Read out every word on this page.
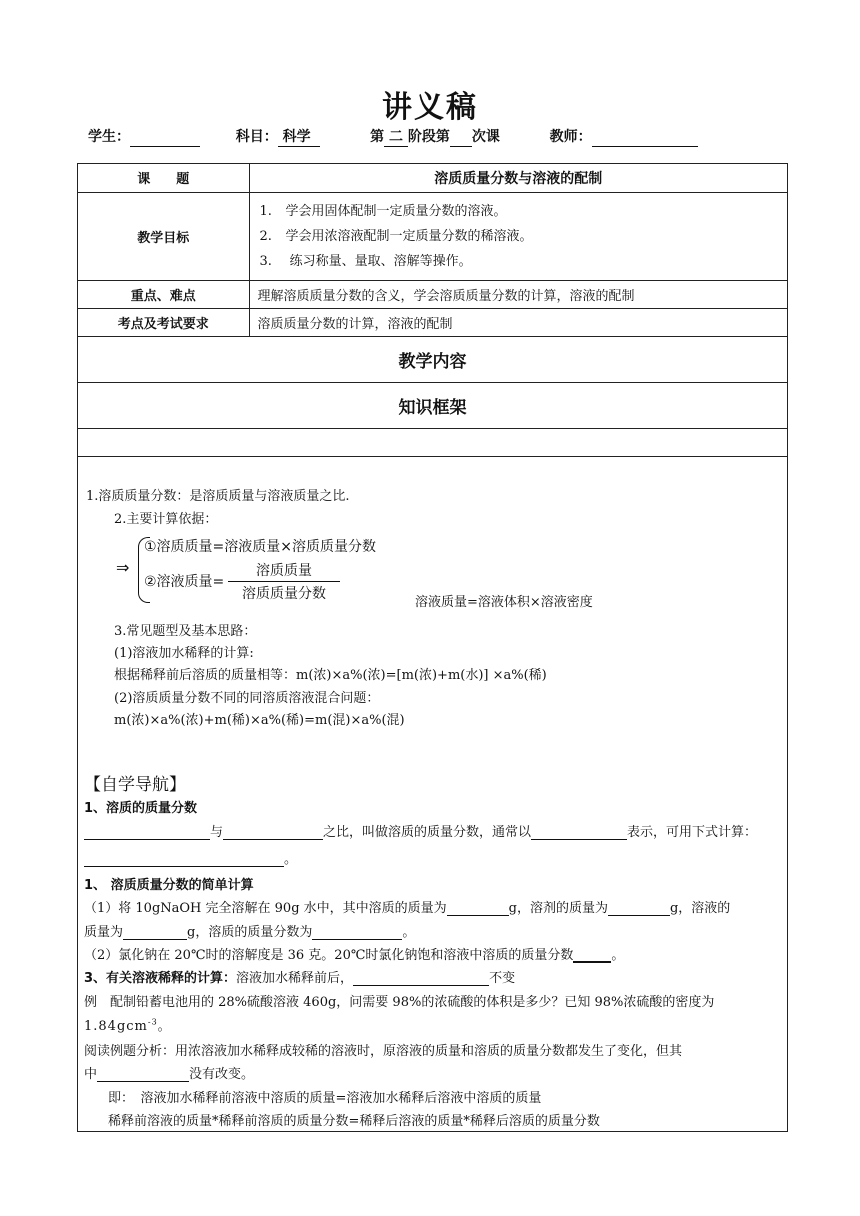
讲义稿
学生：	科目： 科学	第 二 阶段第 次课	教师：
课　　题	溶质质量分数与溶液的配制
教学目标	1. 学会用固体配制一定质量分数的溶液。
2. 学会用浓溶液配制一定质量分数的稀溶液。
3. 练习称量、量取、溶解等操作。

重点、难点	理解溶质质量分数的含义，学会溶质质量分数的计算，溶液的配制
考点及考试要求	溶质质量分数的计算，溶液的配制
教学内容	
知识框架	

1.溶质质量分数：是溶质质量与溶液质量之比.
2.主要计算依据：
⇒
①溶质质量=溶液质量×溶质质量分数
②溶液质量=
溶质质量
溶质质量分数
溶液质量=溶液体积×溶液密度
3.常见题型及基本思路：
(1)溶液加水稀释的计算:
根据稀释前后溶质的质量相等：m(浓)×a%(浓)=[m(浓)+m(水)] ×a%(稀)
(2)溶质质量分数不同的同溶质溶液混合问题：
m(浓)×a%(浓)+m(稀)×a%(稀)=m(混)×a%(混)
【自学导航】
1、溶质的质量分数
与	之比，叫做溶质的质量分数，通常以	表示，可用下式计算：
。
1、 溶质质量分数的简单计算
（1）将 10gNaOH 完全溶解在 90g 水中，其中溶质的质量为	g，溶剂的质量为	g，溶液的
质量为	g，溶质的质量分数为	。
（2）氯化钠在 20℃时的溶解度是 36 克。20℃时氯化钠饱和溶液中溶质的质量分数	。
3、有关溶液稀释的计算：溶液加水稀释前后，	不变
例　配制铅蓄电池用的 28%硫酸溶液 460g，问需要 98%的浓硫酸的体积是多少？已知 98%浓硫酸的密度为
1.84gcm$^{-3}$。
阅读例题分析：用浓溶液加水稀释成较稀的溶液时，原溶液的质量和溶质的质量分数都发生了变化，但其
中	没有改变。
即：　溶液加水稀释前溶液中溶质的质量=溶液加水稀释后溶液中溶质的质量
稀释前溶液的质量*稀释前溶质的质量分数=稀释后溶液的质量*稀释后溶质的质量分数
